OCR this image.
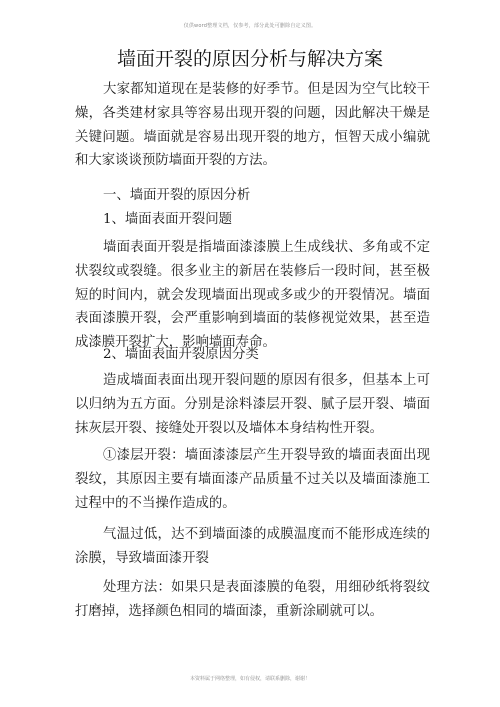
仅供word整理文档，仅参考，部分此处可删除自定义图。
墙面开裂的原因分析与解决方案

大家都知道现在是装修的好季节。但是因为空气比较干燥，各类建材家具等容易出现开裂的问题，因此解决干燥是关键问题。墙面就是容易出现开裂的地方，恒智天成小编就和大家谈谈预防墙面开裂的方法。

一、墙面开裂的原因分析

1、墙面表面开裂问题

墙面表面开裂是指墙面漆漆膜上生成线状、多角或不定状裂纹或裂缝。很多业主的新居在装修后一段时间，甚至极短的时间内，就会发现墙面出现或多或少的开裂情况。墙面表面漆膜开裂，会严重影响到墙面的装修视觉效果，甚至造成漆膜开裂扩大，影响墙面寿命。

2、墙面表面开裂原因分类

造成墙面表面出现开裂问题的原因有很多，但基本上可以归纳为五方面。分别是涂料漆层开裂、腻子层开裂、墙面抹灰层开裂、接缝处开裂以及墙体本身结构性开裂。

①漆层开裂：墙面漆漆层产生开裂导致的墙面表面出现裂纹，其原因主要有墙面漆产品质量不过关以及墙面漆施工过程中的不当操作造成的。

气温过低，达不到墙面漆的成膜温度而不能形成连续的涂膜，导致墙面漆开裂

处理方法：如果只是表面漆膜的龟裂，用细砂纸将裂纹打磨掉，选择颜色相同的墙面漆，重新涂刷就可以。

本资料属于网络整理，如有侵权，请联系删除，谢谢！
